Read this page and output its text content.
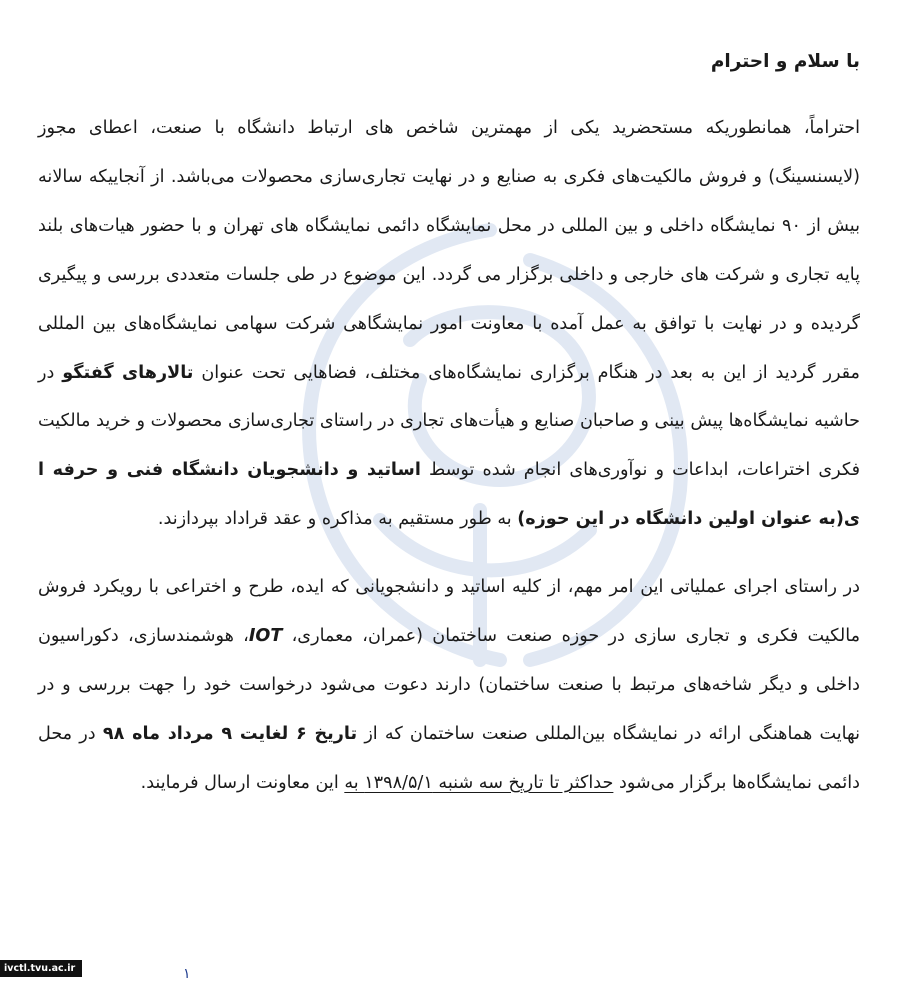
با سلام و احترام

احتراماً، همانطوریکه مستحضرید یکی از مهمترین شاخص های ارتباط دانشگاه با صنعت، اعطای مجوز (لایسنسینگ) و فروش مالکیت‌های فکری به صنایع و در نهایت تجاری‌سازی محصولات می‌باشد. از آنجاییکه سالانه بیش از ۹۰ نمایشگاه داخلی و بین المللی در محل نمایشگاه دائمی نمایشگاه های تهران و با حضور هیات‌های بلند پایه تجاری و شرکت های خارجی و داخلی برگزار می گردد. این موضوع در طی جلسات متعددی بررسی و پیگیری گردیده و در نهایت با توافق به عمل آمده با معاونت امور نمایشگاهی شرکت سهامی نمایشگاه‌های بین المللی مقرر گردید از این به بعد در هنگام برگزاری نمایشگاه‌های مختلف، فضاهایی تحت عنوان تالارهای گفتگو در حاشیه نمایشگاه‌ها پیش بینی و صاحبان صنایع و هیأت‌های تجاری در راستای تجاری‌سازی محصولات و خرید مالکیت فکری اختراعات، ابداعات و نوآوری‌های انجام شده توسط اساتید و دانشجویان دانشگاه فنی و حرفه ا ی(به عنوان اولین دانشگاه در این حوزه) به طور مستقیم به مذاکره و عقد قراداد بپردازند.

در راستای اجرای عملیاتی این امر مهم، از کلیه اساتید و دانشجویانی که ایده، طرح و اختراعی با رویکرد فروش مالکیت فکری و تجاری سازی در حوزه صنعت ساختمان (عمران، معماری، IOT، هوشمندسازی، دکوراسیون داخلی و دیگر شاخه‌های مرتبط با صنعت ساختمان) دارند دعوت می‌شود درخواست خود را جهت بررسی و در نهایت هماهنگی ارائه در نمایشگاه بین‌المللی صنعت ساختمان که از تاریخ ۶ لغایت ۹ مرداد ماه ۹۸ در محل دائمی نمایشگاه‌ها برگزار می‌شود حداکثر تا تاریخ سه شنبه ۱۳۹۸/۵/۱ به این معاونت ارسال فرمایند.

ivctl.tvu.ac.ir	١
